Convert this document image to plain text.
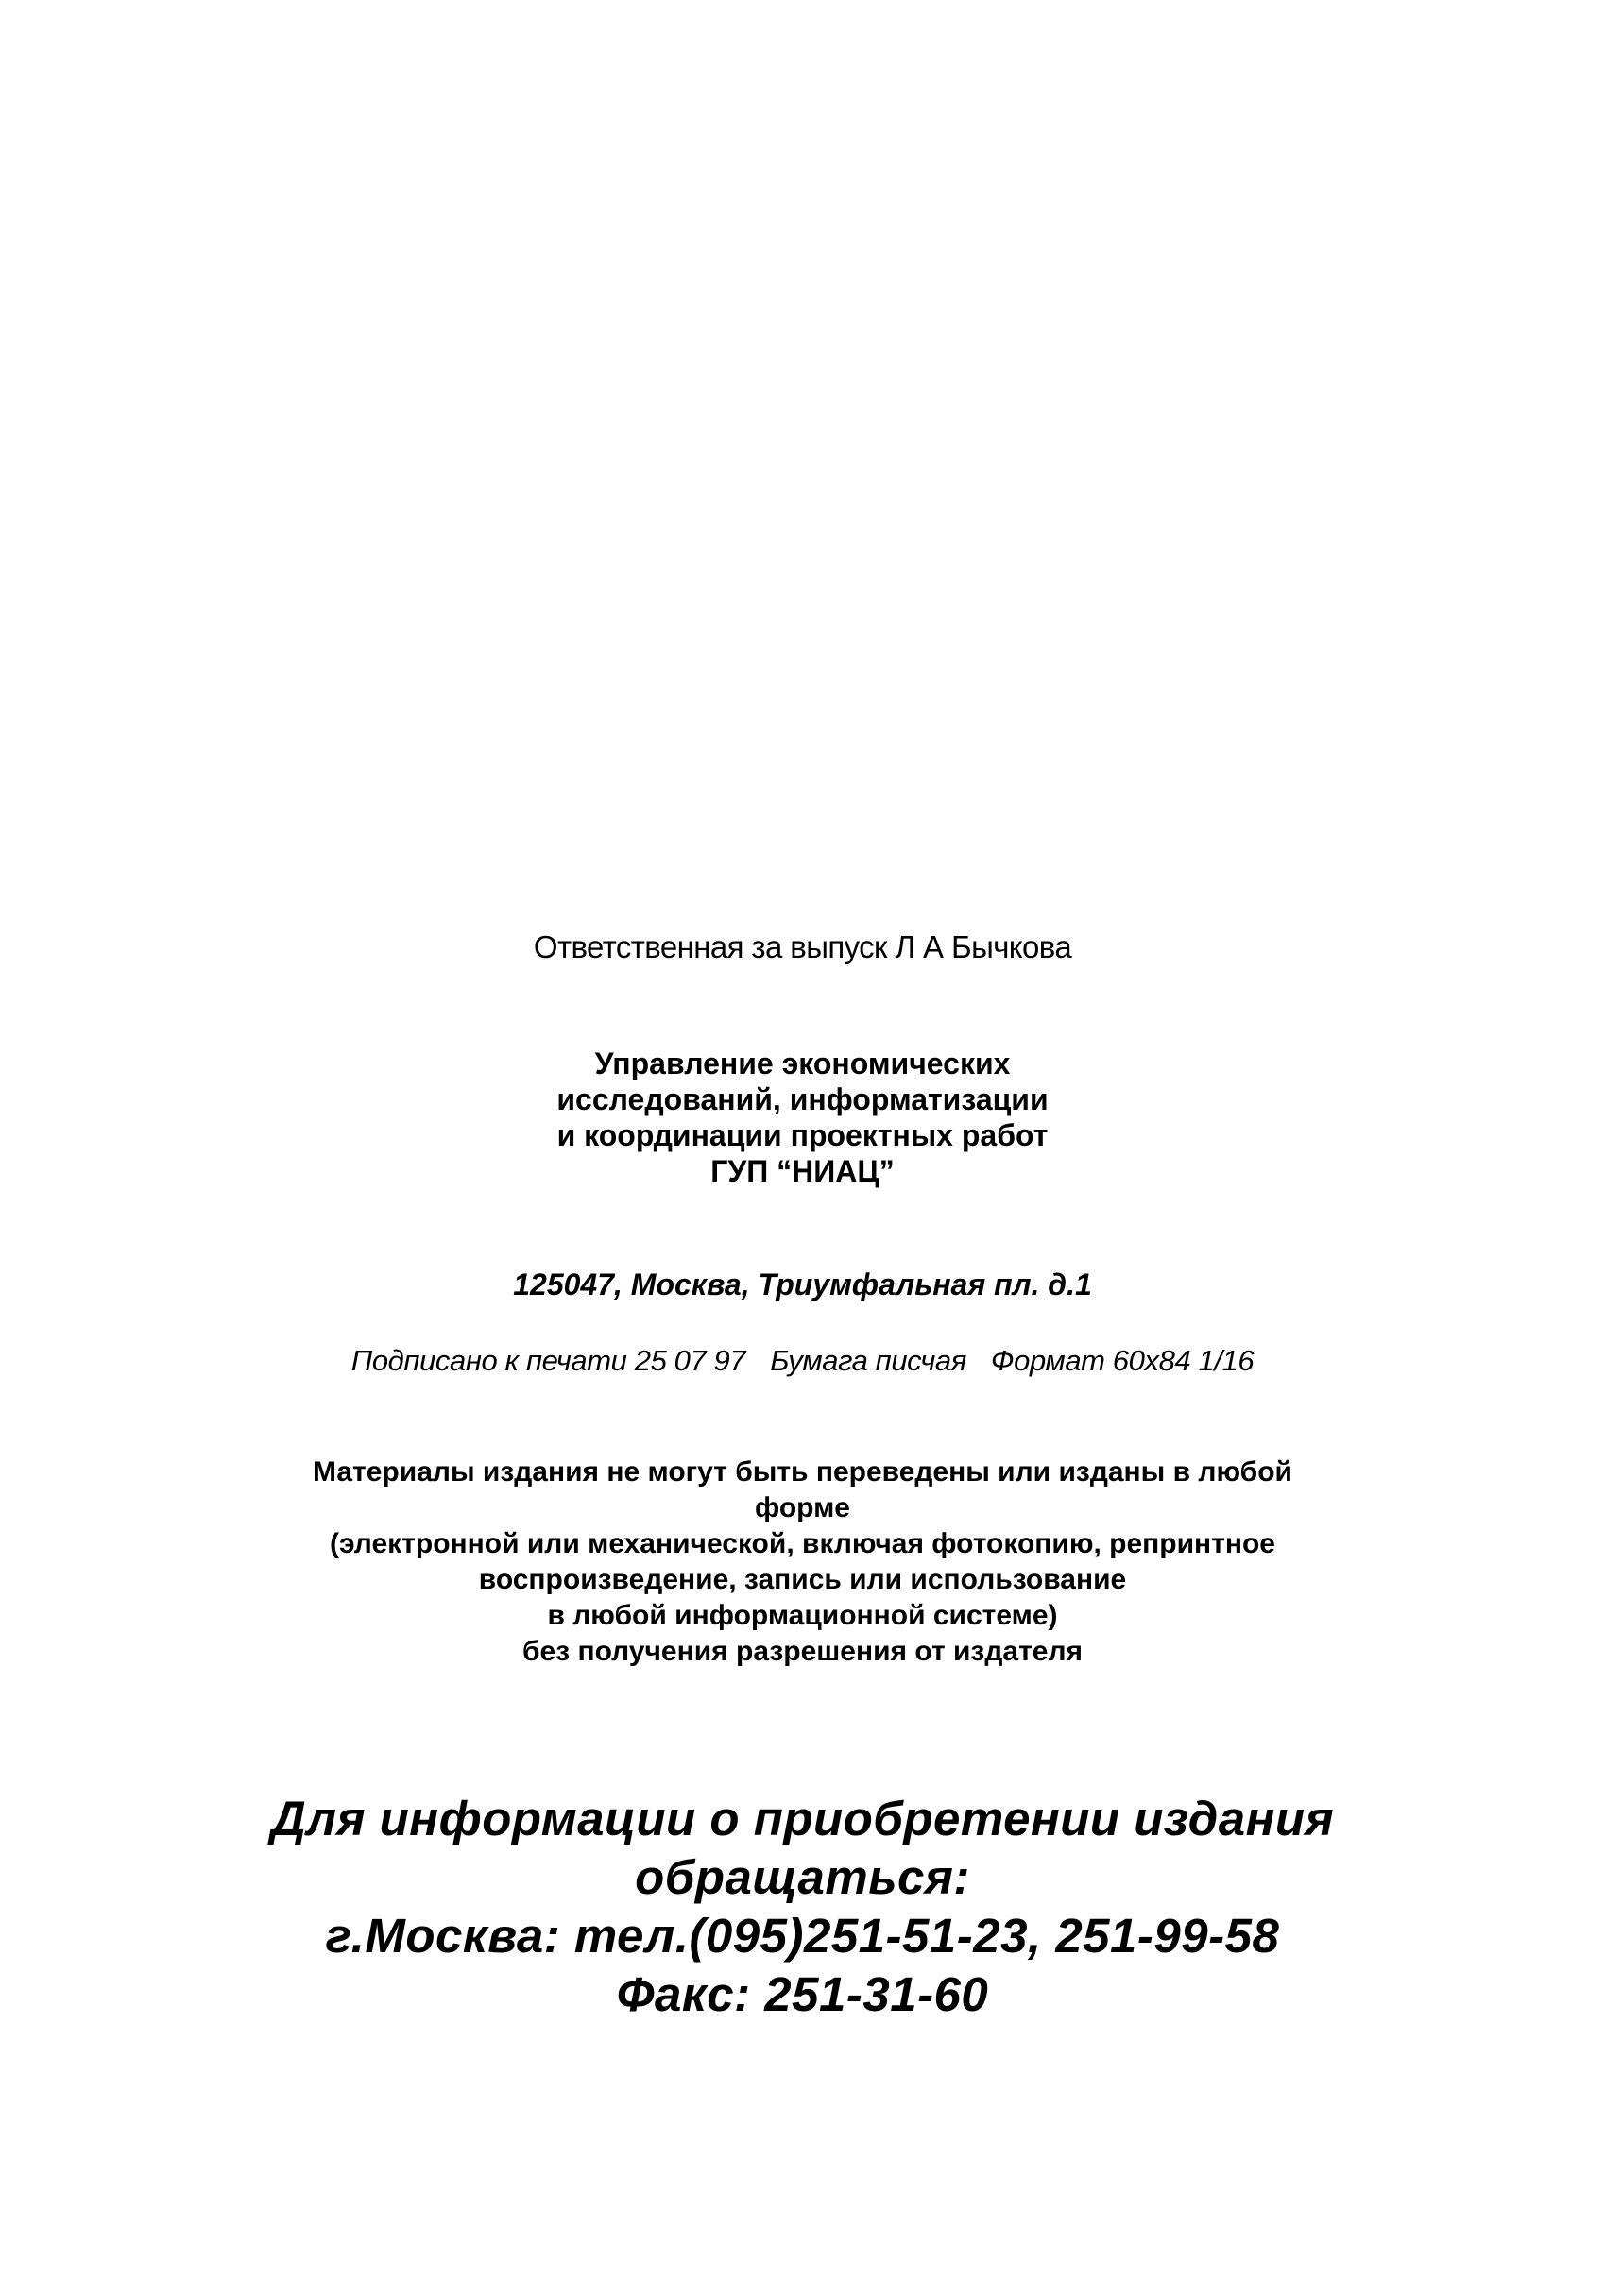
Ответственная за выпуск Л А Бычкова
Управление экономических
исследований, информатизации
и координации проектных работ
ГУП “НИАЦ”
125047, Москва, Триумфальная пл. д.1
Подписано к печати 25 07 97 Бумага писчая Формат 60х84 1/16
Материалы издания не могут быть переведены или изданы в любой
форме
(электронной или механической, включая фотокопию, репринтное
воспроизведение, запись или использование
в любой информационной системе)
без получения разрешения от издателя
Для информации о приобретении издания
обращаться:
г.Москва: тел.(095)251-51-23, 251-99-58
Факс: 251-31-60
